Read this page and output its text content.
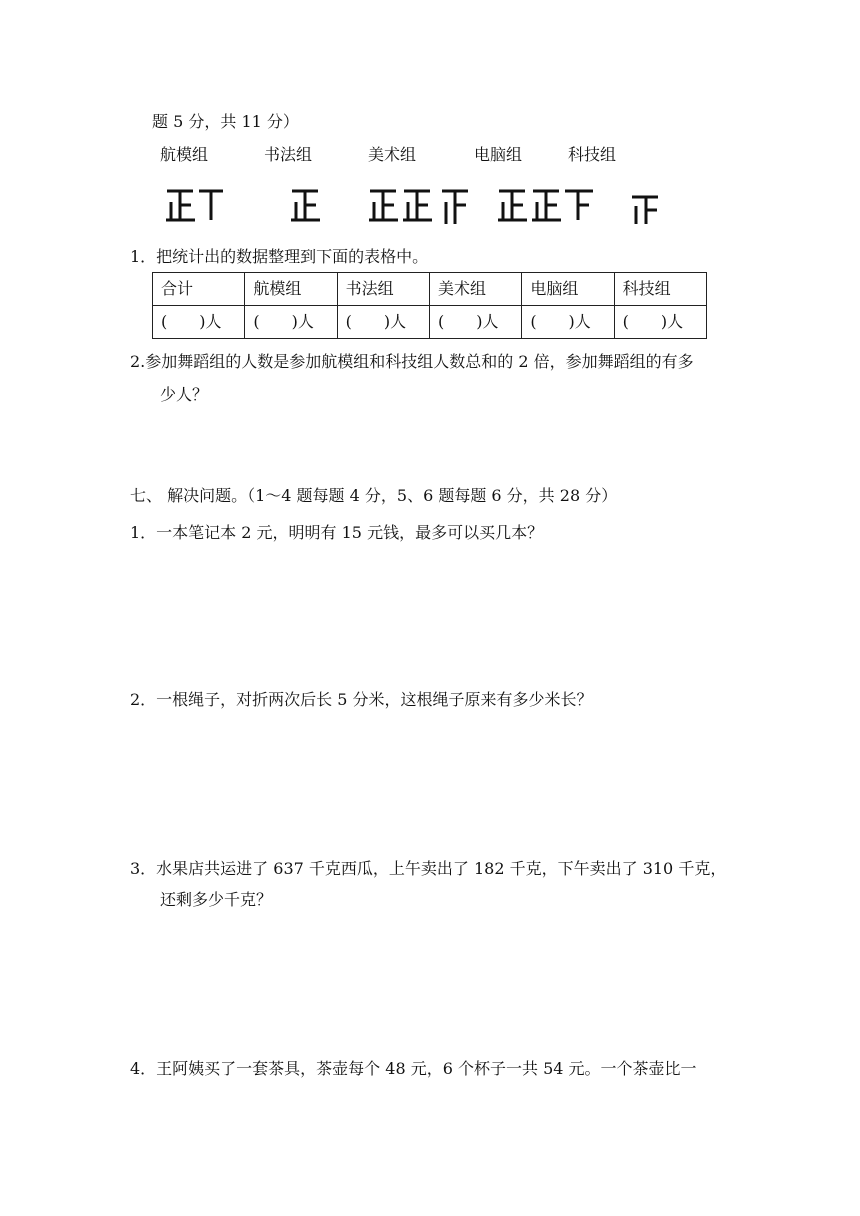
题 5 分，共 11 分）
航模组	书法组	美术组	电脑组	科技组
1．把统计出的数据整理到下面的表格中。
合计	航模组	书法组	美术组	电脑组	科技组
(　　)人	(　　)人	(　　)人	(　　)人	(　　)人	(　　)人
2.参加舞蹈组的人数是参加航模组和科技组人数总和的 2 倍，参加舞蹈组的有多
少人？
七、 解决问题。（1～4 题每题 4 分，5、6 题每题 6 分，共 28 分）
1．一本笔记本 2 元，明明有 15 元钱，最多可以买几本？
2．一根绳子，对折两次后长 5 分米，这根绳子原来有多少米长？
3．水果店共运进了 637 千克西瓜，上午卖出了 182 千克，下午卖出了 310 千克，
还剩多少千克？
4．王阿姨买了一套茶具，茶壶每个 48 元，6 个杯子一共 54 元。一个茶壶比一
